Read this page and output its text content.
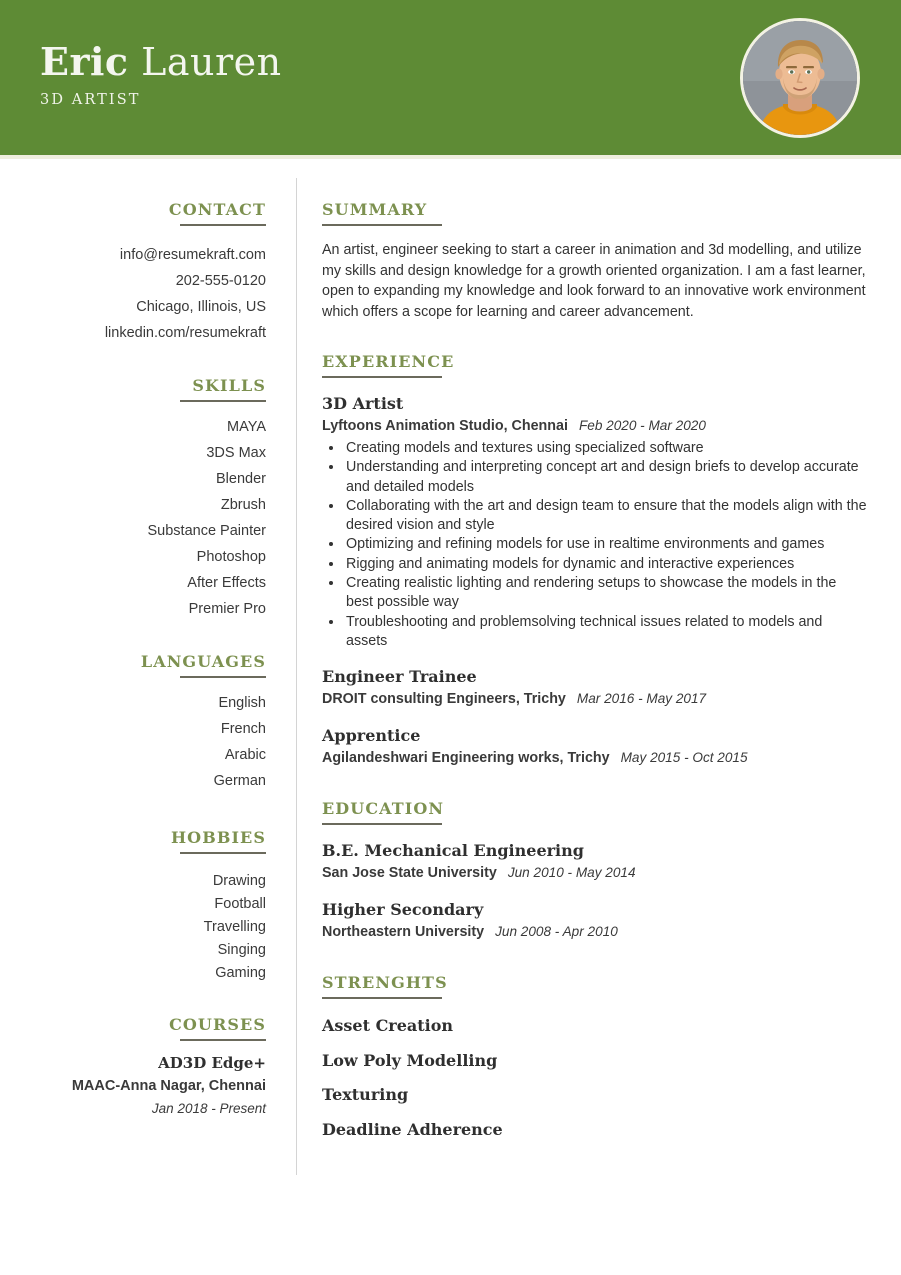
Eric Lauren
3D ARTIST
CONTACT
info@resumekraft.com
202-555-0120
Chicago, Illinois, US
linkedin.com/resumekraft
SKILLS
MAYA
3DS Max
Blender
Zbrush
Substance Painter
Photoshop
After Effects
Premier Pro
LANGUAGES
English
French
Arabic
German
HOBBIES
Drawing
Football
Travelling
Singing
Gaming
COURSES
AD3D Edge+
MAAC-Anna Nagar, Chennai
Jan 2018 - Present
SUMMARY
An artist, engineer seeking to start a career in animation and 3d modelling, and utilize my skills and design knowledge for a growth oriented organization. I am a fast learner, open to expanding my knowledge and look forward to an innovative work environment which offers a scope for learning and career advancement.
EXPERIENCE
3D Artist
Lyftoons Animation Studio, Chennai Feb 2020 - Mar 2020
• Creating models and textures using specialized software
• Understanding and interpreting concept art and design briefs to develop accurate and detailed models
• Collaborating with the art and design team to ensure that the models align with the desired vision and style
• Optimizing and refining models for use in realtime environments and games
• Rigging and animating models for dynamic and interactive experiences
• Creating realistic lighting and rendering setups to showcase the models in the best possible way
• Troubleshooting and problemsolving technical issues related to models and assets
Engineer Trainee
DROIT consulting Engineers, Trichy Mar 2016 - May 2017
Apprentice
Agilandeshwari Engineering works, Trichy May 2015 - Oct 2015
EDUCATION
B.E. Mechanical Engineering
San Jose State University Jun 2010 - May 2014
Higher Secondary
Northeastern University Jun 2008 - Apr 2010
STRENGHTS
Asset Creation
Low Poly Modelling
Texturing
Deadline Adherence
